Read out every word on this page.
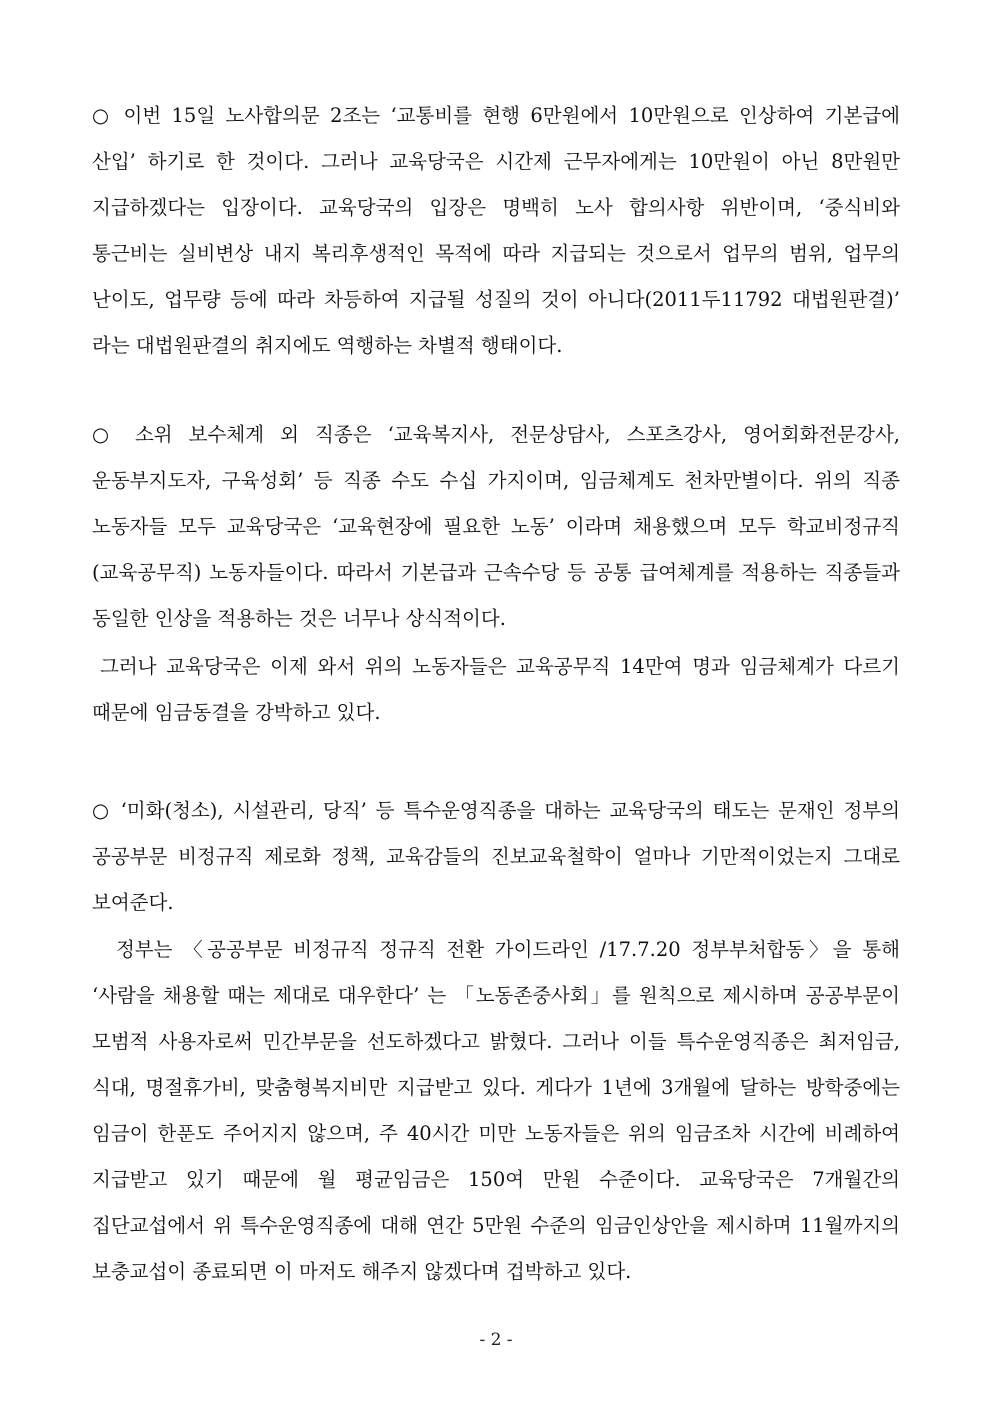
○ 이번 15일 노사합의문 2조는 ‘교통비를 현행 6만원에서 10만원으로 인상하여 기본급에 산입’ 하기로 한 것이다. 그러나 교육당국은 시간제 근무자에게는 10만원이 아닌 8만원만 지급하겠다는 입장이다. 교육당국의 입장은 명백히 노사 합의사항 위반이며, ‘중식비와 통근비는 실비변상 내지 복리후생적인 목적에 따라 지급되는 것으로서 업무의 범위, 업무의 난이도, 업무량 등에 따라 차등하여 지급될 성질의 것이 아니다(2011두11792 대법원판결)’ 라는 대법원판결의 취지에도 역행하는 차별적 행태이다.

○ 소위 보수체계 외 직종은 ‘교육복지사, 전문상담사, 스포츠강사, 영어회화전문강사, 운동부지도자, 구육성회’ 등 직종 수도 수십 가지이며, 임금체계도 천차만별이다. 위의 직종 노동자들 모두 교육당국은 ‘교육현장에 필요한 노동’ 이라며 채용했으며 모두 학교비정규직(교육공무직) 노동자들이다. 따라서 기본급과 근속수당 등 공통 급여체계를 적용하는 직종들과 동일한 인상을 적용하는 것은 너무나 상식적이다.

그러나 교육당국은 이제 와서 위의 노동자들은 교육공무직 14만여 명과 임금체계가 다르기 때문에 임금동결을 강박하고 있다.

○ ‘미화(청소), 시설관리, 당직’ 등 특수운영직종을 대하는 교육당국의 태도는 문재인 정부의 공공부문 비정규직 제로화 정책, 교육감들의 진보교육철학이 얼마나 기만적이었는지 그대로 보여준다.

정부는 〈공공부문 비정규직 정규직 전환 가이드라인 /17.7.20 정부부처합동〉을 통해 ‘사람을 채용할 때는 제대로 대우한다’ 는 「노동존중사회」를 원칙으로 제시하며 공공부문이 모범적 사용자로써 민간부문을 선도하겠다고 밝혔다. 그러나 이들 특수운영직종은 최저임금, 식대, 명절휴가비, 맞춤형복지비만 지급받고 있다. 게다가 1년에 3개월에 달하는 방학중에는 임금이 한푼도 주어지지 않으며, 주 40시간 미만 노동자들은 위의 임금조차 시간에 비례하여 지급받고 있기 때문에 월 평균임금은 150여 만원 수준이다. 교육당국은 7개월간의 집단교섭에서 위 특수운영직종에 대해 연간 5만원 수준의 임금인상안을 제시하며 11월까지의 보충교섭이 종료되면 이 마저도 해주지 않겠다며 겁박하고 있다.

- 2 -
